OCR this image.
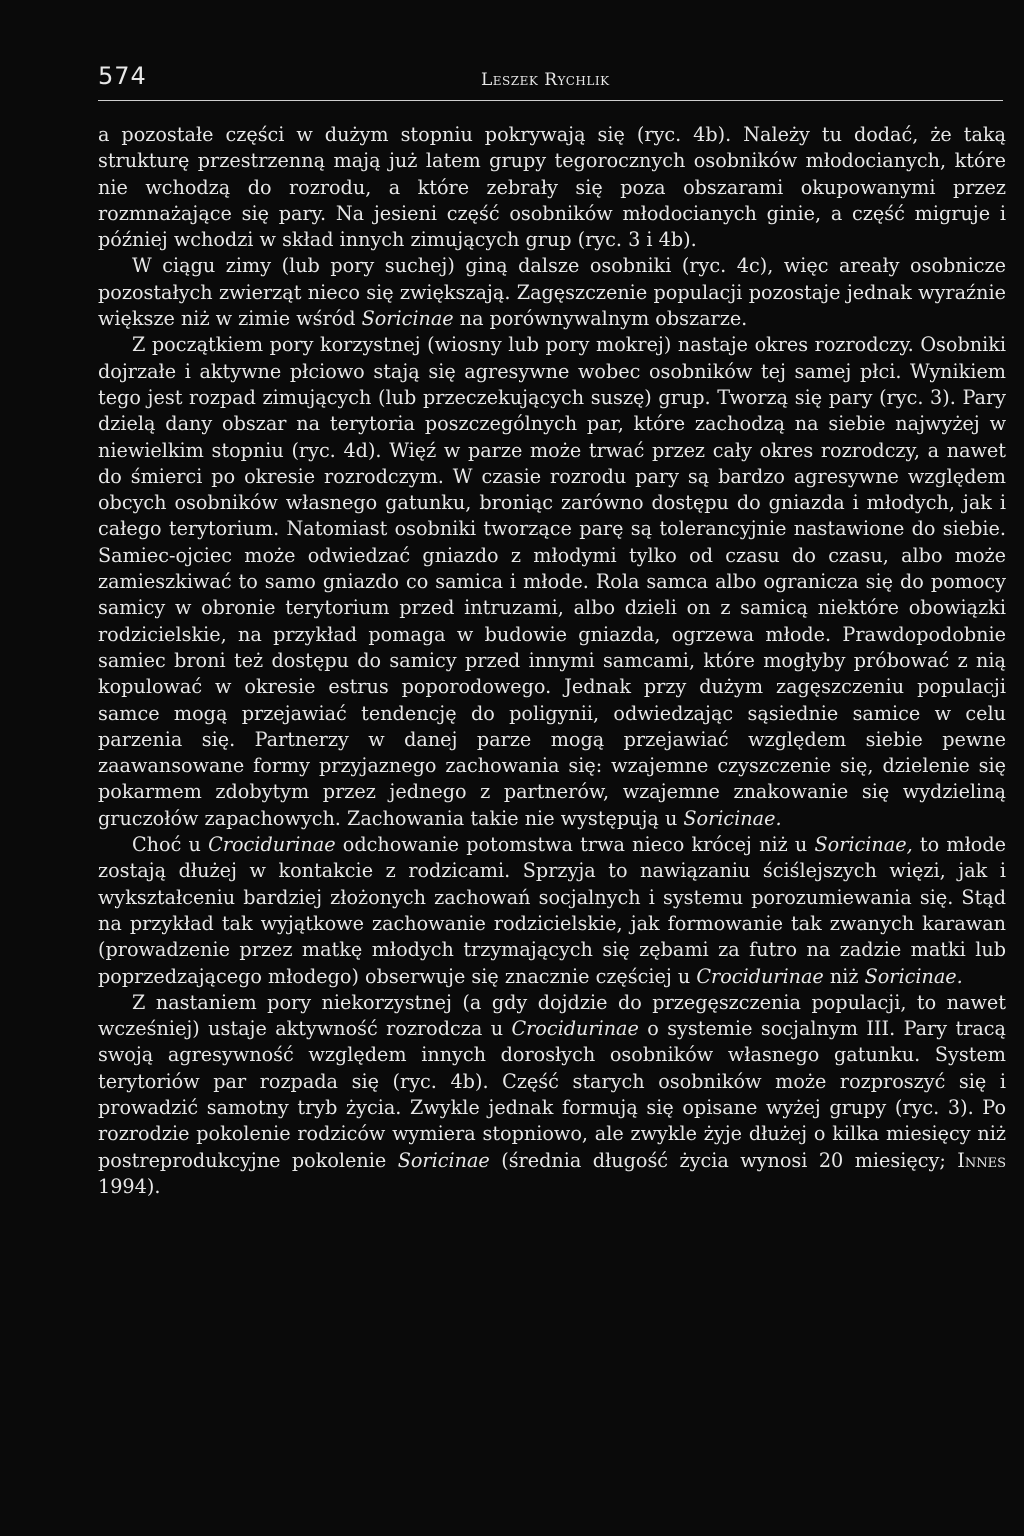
574	Leszek Rychlik

a pozostałe części w dużym stopniu pokrywają się (ryc. 4b). Należy tu dodać, że taką strukturę przestrzenną mają już latem grupy tegorocznych osobników młodocianych, które nie wchodzą do rozrodu, a które zebrały się poza obszarami okupowanymi przez rozmnażające się pary. Na jesieni część osobników młodocianych ginie, a część migruje i później wchodzi w skład innych zimujących grup (ryc. 3 i 4b).

W ciągu zimy (lub pory suchej) giną dalsze osobniki (ryc. 4c), więc areały osobnicze pozostałych zwierząt nieco się zwiększają. Zagęszczenie populacji pozostaje jednak wyraźnie większe niż w zimie wśród Soricinae na porównywalnym obszarze.

Z początkiem pory korzystnej (wiosny lub pory mokrej) nastaje okres rozrodczy. Osobniki dojrzałe i aktywne płciowo stają się agresywne wobec osobników tej samej płci. Wynikiem tego jest rozpad zimujących (lub przeczekujących suszę) grup. Tworzą się pary (ryc. 3). Pary dzielą dany obszar na terytoria poszczególnych par, które zachodzą na siebie najwyżej w niewielkim stopniu (ryc. 4d). Więź w parze może trwać przez cały okres rozrodczy, a nawet do śmierci po okresie rozrodczym. W czasie rozrodu pary są bardzo agresywne względem obcych osobników własnego gatunku, broniąc zarówno dostępu do gniazda i młodych, jak i całego terytorium. Natomiast osobniki tworzące parę są tolerancyjnie nastawione do siebie. Samiec-ojciec może odwiedzać gniazdo z młodymi tylko od czasu do czasu, albo może zamieszkiwać to samo gniazdo co samica i młode. Rola samca albo ogranicza się do pomocy samicy w obronie terytorium przed intruzami, albo dzieli on z samicą niektóre obowiązki rodzicielskie, na przykład pomaga w budowie gniazda, ogrzewa młode. Prawdopodobnie samiec broni też dostępu do samicy przed innymi samcami, które mogłyby próbować z nią kopulować w okresie estrus poporodowego. Jednak przy dużym zagęszczeniu populacji samce mogą przejawiać tendencję do poligynii, odwiedzając sąsiednie samice w celu parzenia się. Partnerzy w danej parze mogą przejawiać względem siebie pewne zaawansowane formy przyjaznego zachowania się: wzajemne czyszczenie się, dzielenie się pokarmem zdobytym przez jednego z partnerów, wzajemne znakowanie się wydzieliną gruczołów zapachowych. Zachowania takie nie występują u Soricinae.

Choć u Crocidurinae odchowanie potomstwa trwa nieco krócej niż u Soricinae, to młode zostają dłużej w kontakcie z rodzicami. Sprzyja to nawiązaniu ściślejszych więzi, jak i wykształceniu bardziej złożonych zachowań socjalnych i systemu porozumiewania się. Stąd na przykład tak wyjątkowe zachowanie rodzicielskie, jak formowanie tak zwanych karawan (prowadzenie przez matkę młodych trzymających się zębami za futro na zadzie matki lub poprzedzającego młodego) obserwuje się znacznie częściej u Crocidurinae niż Soricinae.

Z nastaniem pory niekorzystnej (a gdy dojdzie do przegęszczenia populacji, to nawet wcześniej) ustaje aktywność rozrodcza u Crocidurinae o systemie socjalnym III. Pary tracą swoją agresywność względem innych dorosłych osobników własnego gatunku. System terytoriów par rozpada się (ryc. 4b). Część starych osobników może rozproszyć się i prowadzić samotny tryb życia. Zwykle jednak formują się opisane wyżej grupy (ryc. 3). Po rozrodzie pokolenie rodziców wymiera stopniowo, ale zwykle żyje dłużej o kilka miesięcy niż postreprodukcyjne pokolenie Soricinae (średnia długość życia wynosi 20 miesięcy; Innes 1994).
